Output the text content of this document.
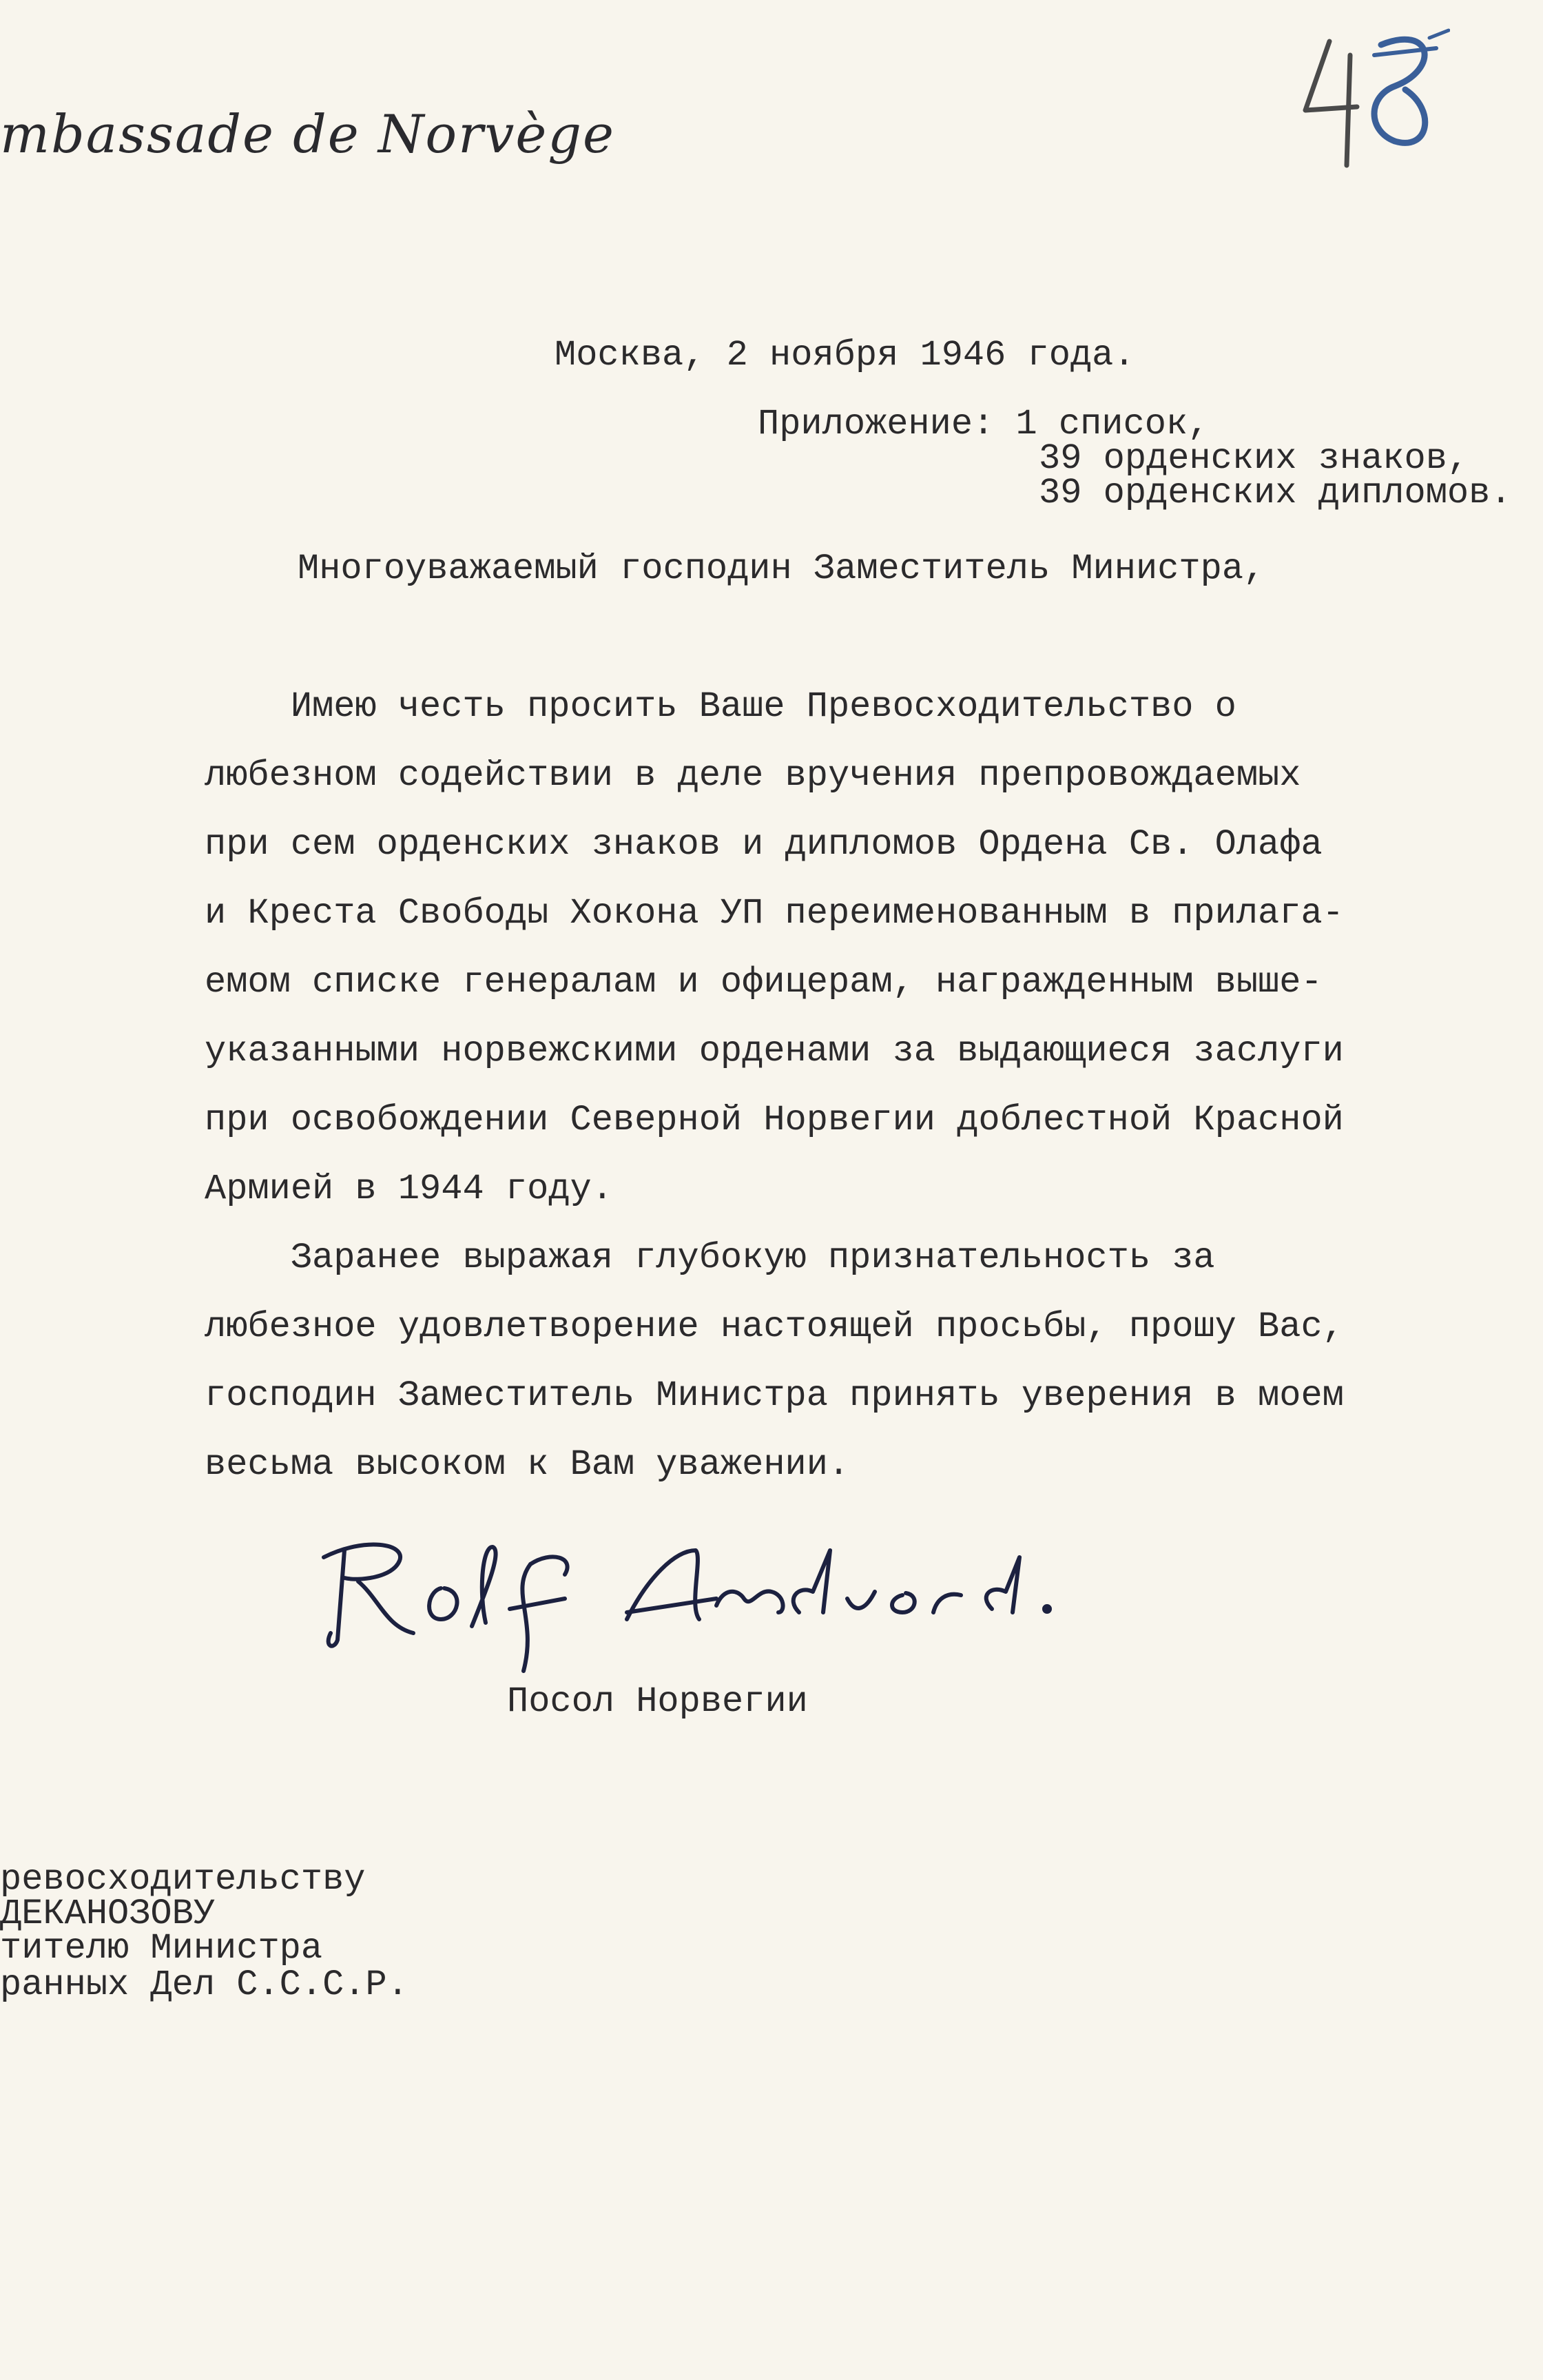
mbassade de Norvège
Москва, 2 ноября 1946 года.
Приложение: 1 список,
39 орденских знаков,
39 орденских дипломов.
Многоуважаемый господин Заместитель Министра,
Имею честь просить Ваше Превосходительство о
любезном содействии в деле вручения препровождаемых
при сем орденских знаков и дипломов Ордена Св. Олафа
и Креста Свободы Хокона УП переименованным в прилага-
емом списке генералам и офицерам, награжденным выше-
указанными норвежскими орденами за выдающиеся заслуги
при освобождении Северной Норвегии доблестной Красной
Армией в 1944 году.
Заранее выражая глубокую признательность за
любезное удовлетворение настоящей просьбы, прошу Вас,
господин Заместитель Министра принять уверения в моем
весьма высоком к Вам уважении.
Посол Норвегии
ревосходительству
ДЕКАНОЗОВУ
тителю Министра
ранных Дел С.С.С.Р.
